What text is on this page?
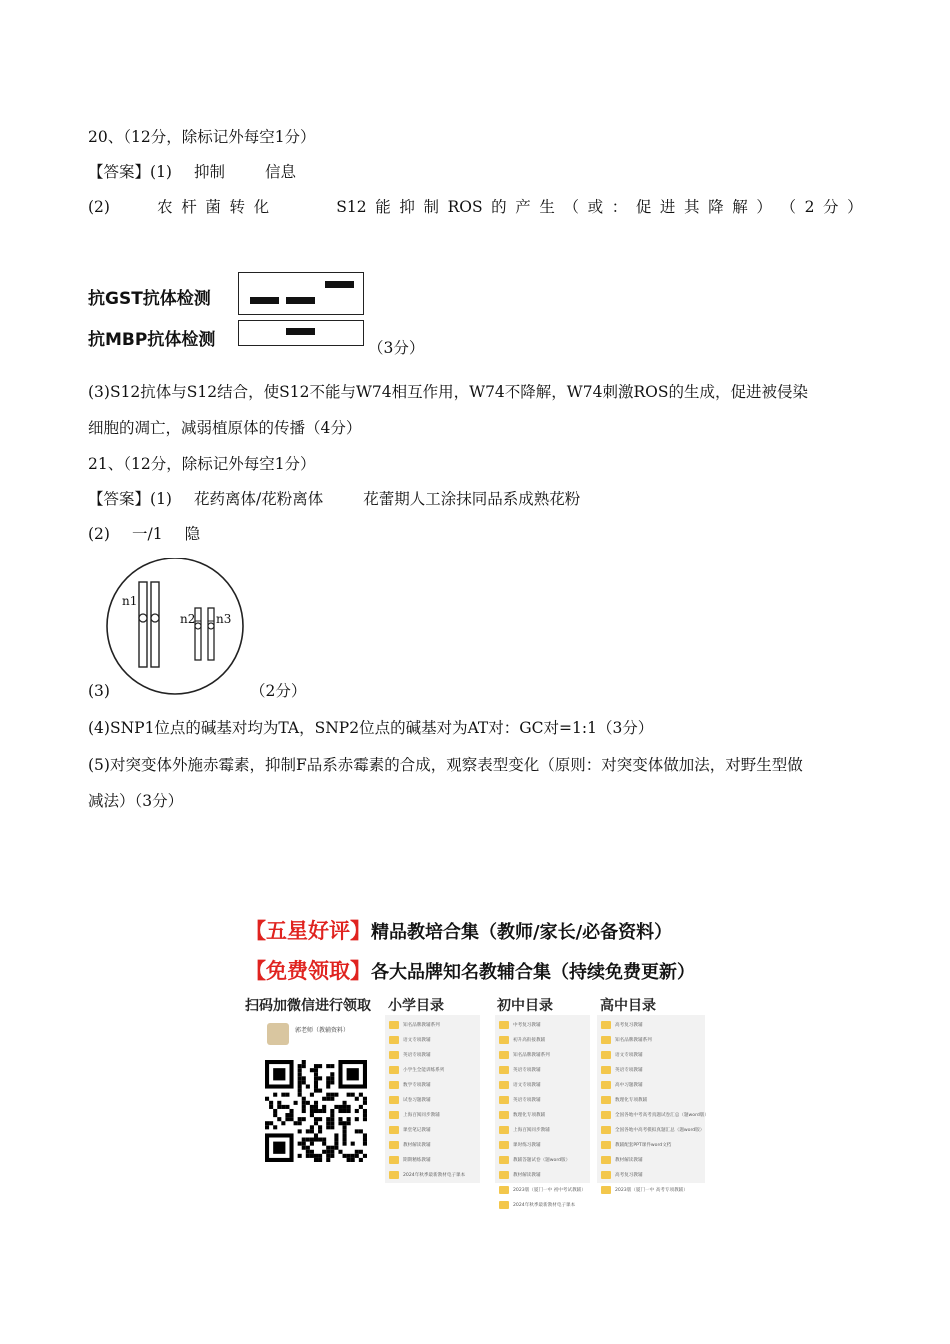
20、（12分，除标记外每空1分）
【答案】(1) 抑制	信息
(2)	农 杆 菌 转 化	S12 能 抑 制 ROS 的 产 生 （ 或 ： 促 进 其 降 解 ） （ 2 分 ）
抗GST抗体检测
抗MBP抗体检测	（3分）
(3)S12抗体与S12结合，使S12不能与W74相互作用，W74不降解，W74刺激ROS的生成，促进被侵染
细胞的凋亡，减弱植原体的传播（4分）
21、（12分，除标记外每空1分）
【答案】(1) 花药离体/花粉离体	花蕾期人工涂抹同品系成熟花粉
(2) 一/1 隐
n1
n2 n3
(3)	（2分）
(4)SNP1位点的碱基对均为TA，SNP2位点的碱基对为AT对：GC对=1:1（3分）
(5)对突变体外施赤霉素，抑制F品系赤霉素的合成，观察表型变化（原则：对突变体做加法，对野生型做
减法）（3分）
【五星好评】精品教培合集（教师/家长/必备资料）
【免费领取】各大品牌知名教辅合集（持续免费更新）
扫码加微信进行领取 小学目录	初中目录	高中目录
郭老师（教辅资料）
知名品牌教辅系列
语文专项教辅
英语专项教辅
小学生全能训练系列
数学专项教辅
试卷习题教辅
上海百阅同步教辅
课堂笔记教辅
教材解读教辅
期期精练教辅
2024年秋季最新教材电子课本
中考复习教辅
初升高衔接教辅
知名品牌教辅系列
英语专项教辅
语文专项教辅
英语专项教辅
数理化专项教辅
上海百阅同步教辅
课时练习教辅
教辅答题试卷（题word版）
教材解读教辅
2023版（厦门一中 初中考试教辅）
2024年秋季最新教材电子课本
高考复习教辅
知名品牌教辅系列
语文专项教辅
英语专项教辅
高中习题教辅
数理化专项教辅
全国各地中考高考真题试卷汇总（题word版）
全国各地中高考模拟真题汇总（题word版）
教辅配套PPT课件word文档
教材解读教辅
高考复习教辅
2023版（厦门一中 高考专项教辅）
